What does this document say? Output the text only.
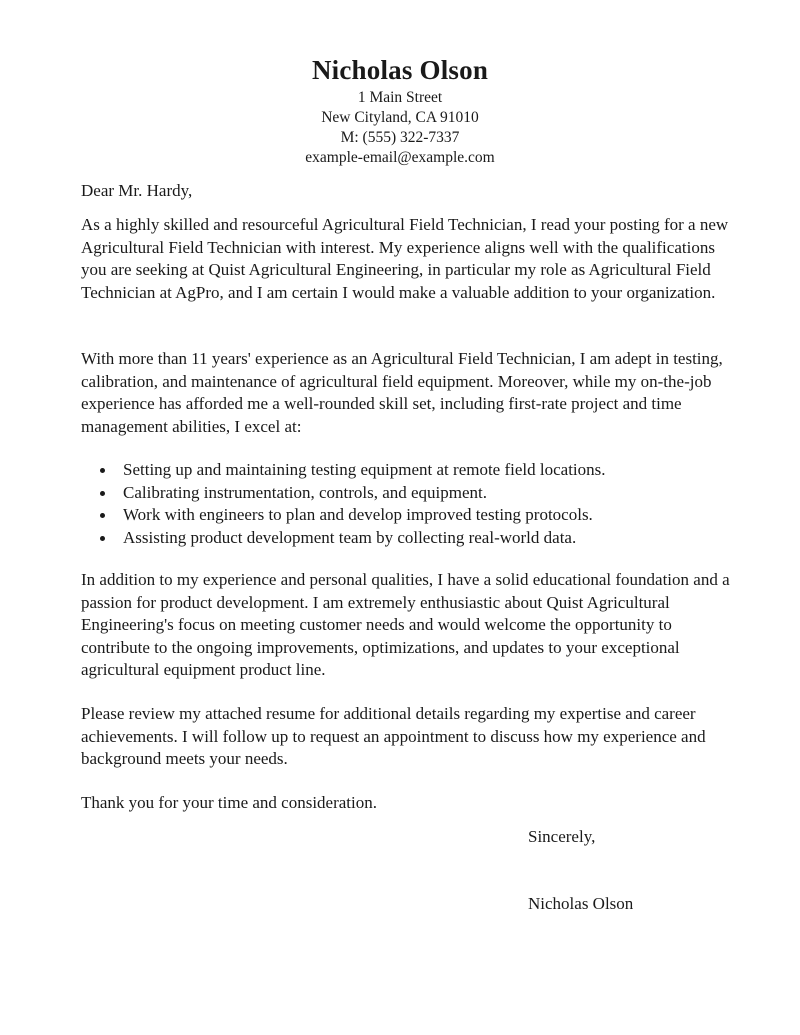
Nicholas Olson
1 Main Street
New Cityland, CA 91010
M: (555) 322-7337
example-email@example.com

Dear Mr. Hardy,

As a highly skilled and resourceful Agricultural Field Technician, I read your posting for a new Agricultural Field Technician with interest. My experience aligns well with the qualifications you are seeking at Quist Agricultural Engineering, in particular my role as Agricultural Field Technician at AgPro, and I am certain I would make a valuable addition to your organization.

With more than 11 years' experience as an Agricultural Field Technician, I am adept in testing, calibration, and maintenance of agricultural field equipment. Moreover, while my on-the-job experience has afforded me a well-rounded skill set, including first-rate project and time management abilities, I excel at:

Setting up and maintaining testing equipment at remote field locations.
Calibrating instrumentation, controls, and equipment.
Work with engineers to plan and develop improved testing protocols.
Assisting product development team by collecting real-world data.

In addition to my experience and personal qualities, I have a solid educational foundation and a passion for product development. I am extremely enthusiastic about Quist Agricultural Engineering's focus on meeting customer needs and would welcome the opportunity to contribute to the ongoing improvements, optimizations, and updates to your exceptional agricultural equipment product line.

Please review my attached resume for additional details regarding my expertise and career achievements. I will follow up to request an appointment to discuss how my experience and background meets your needs.

Thank you for your time and consideration.

Sincerely,
Nicholas Olson
